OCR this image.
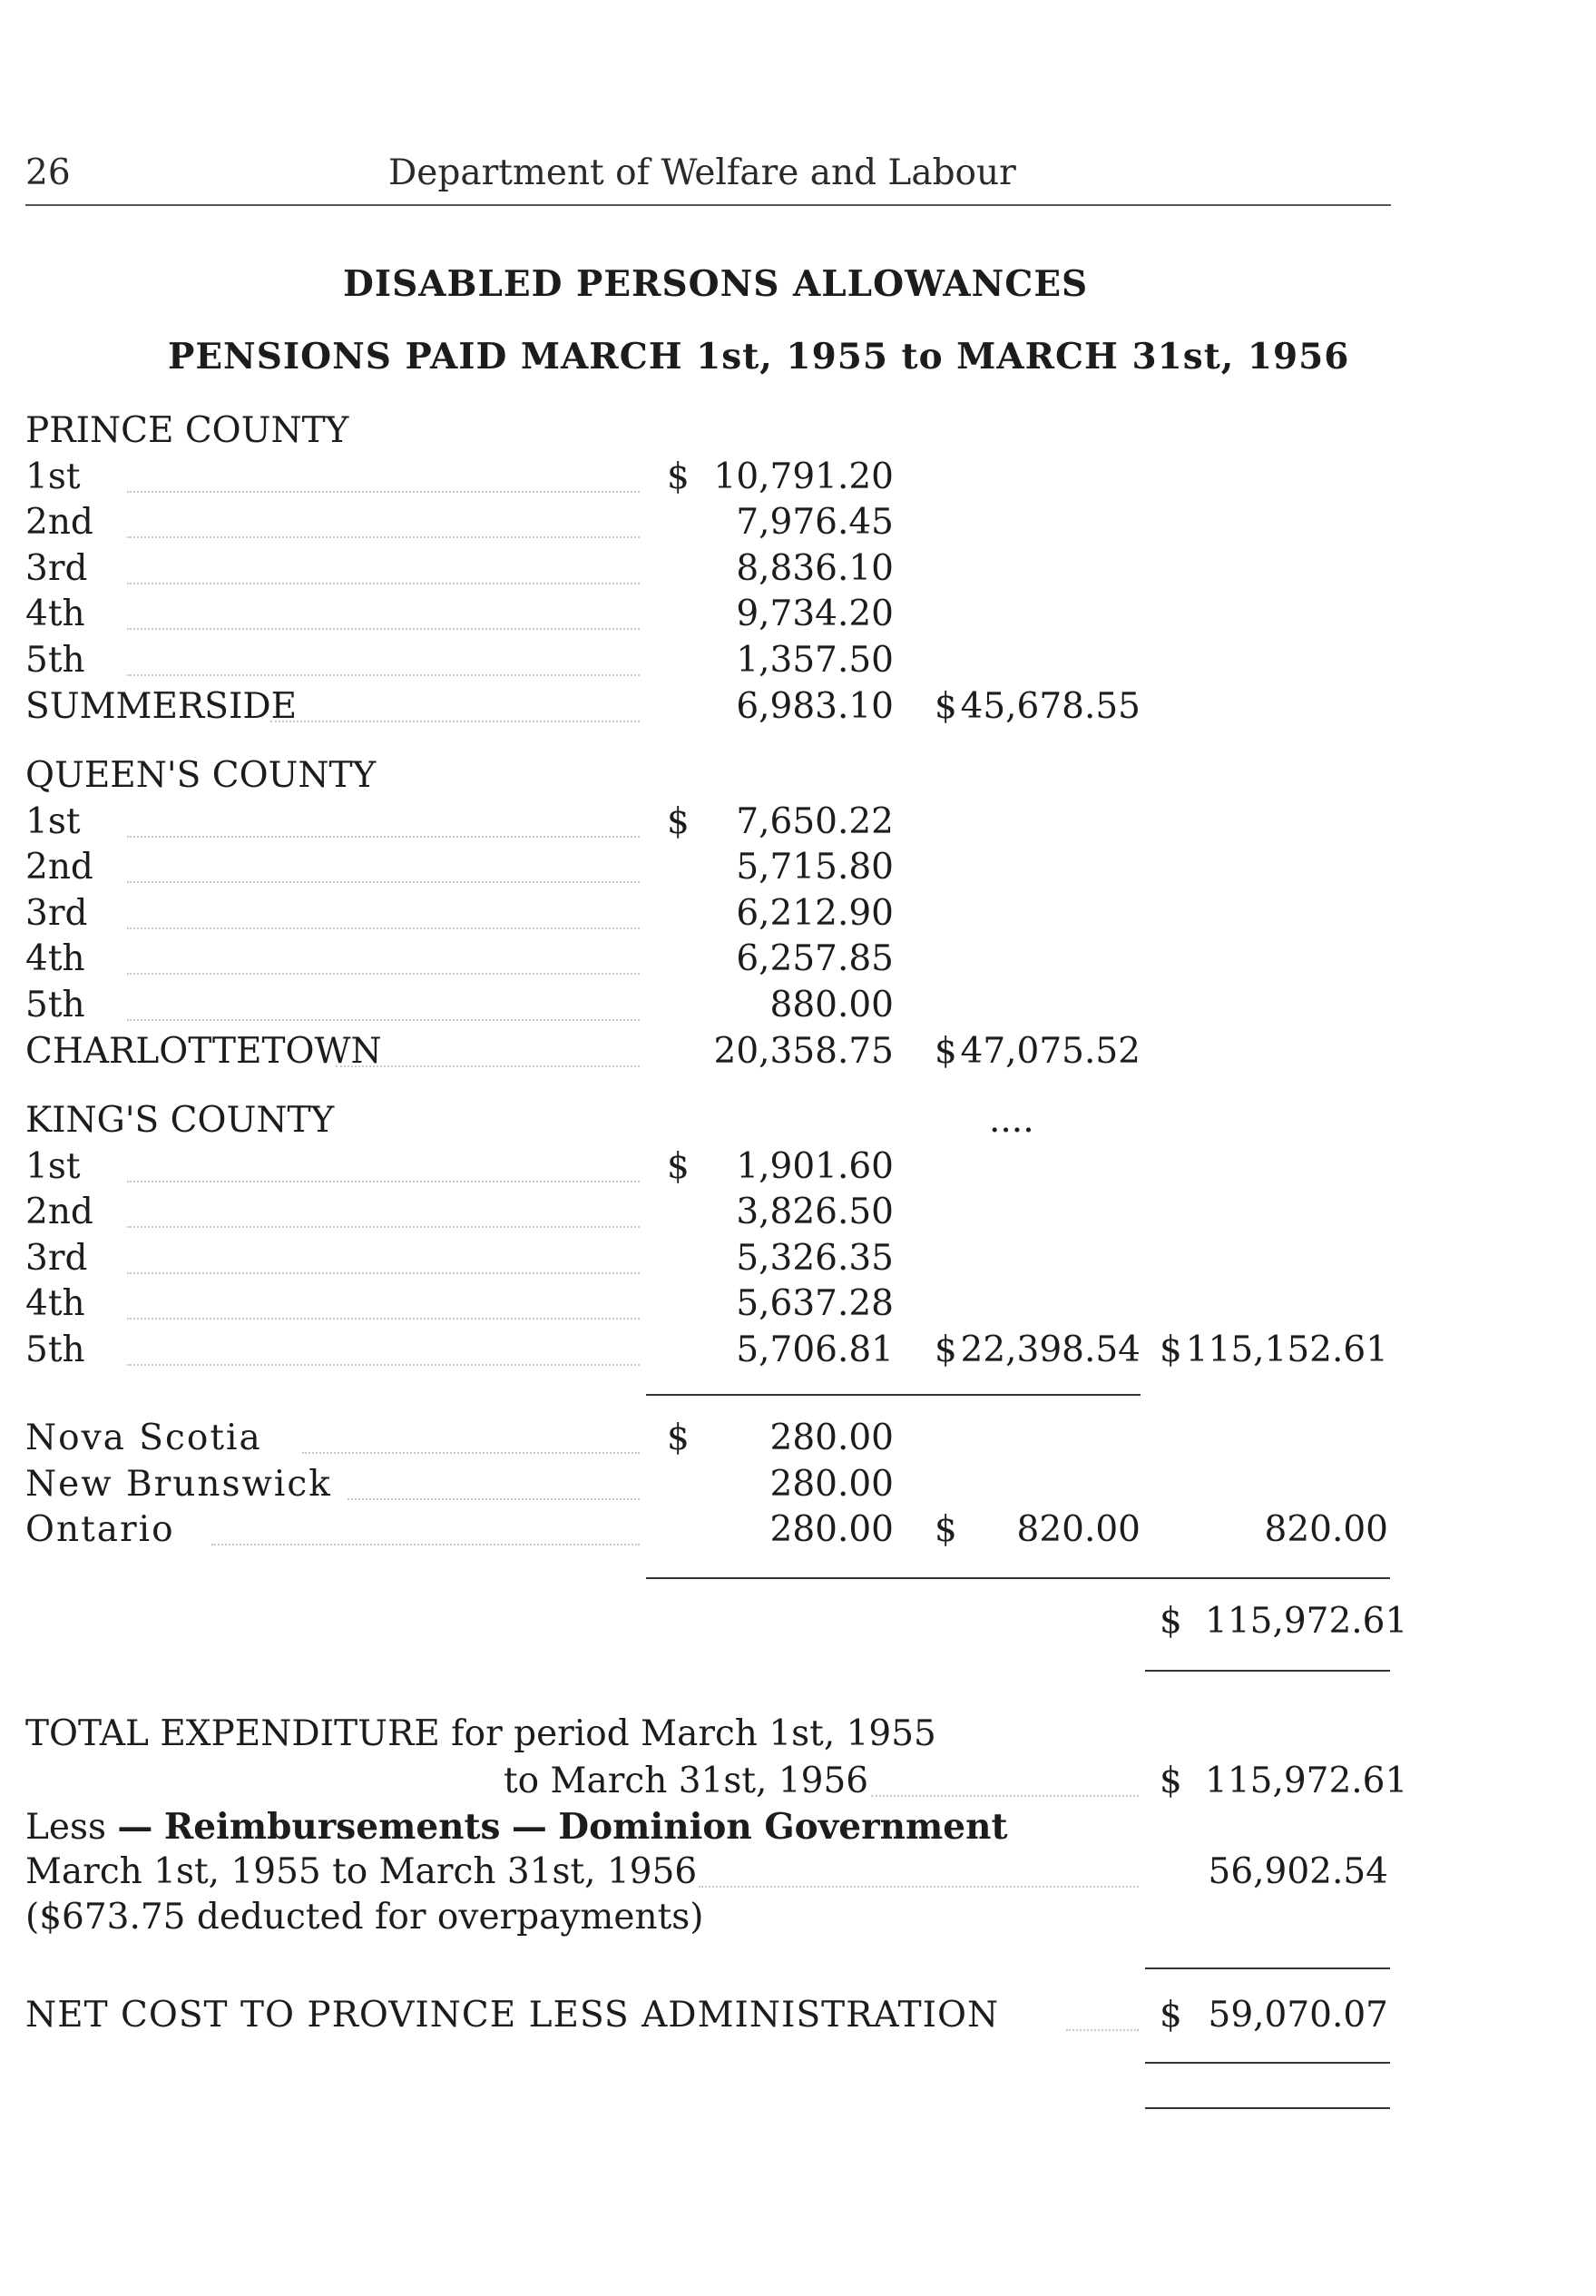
26	Department of Welfare and Labour
DISABLED PERSONS ALLOWANCES
PENSIONS PAID MARCH 1st, 1955 to MARCH 31st, 1956
PRINCE COUNTY
1st	$ 10,791.20
2nd	7,976.45
3rd	8,836.10
4th	9,734.20
5th	1,357.50
SUMMERSIDE	6,983.10 $ 45,678.55
QUEEN'S COUNTY
1st	$ 7,650.22
2nd	5,715.80
3rd	6,212.90
4th	6,257.85
5th	880.00
CHARLOTTETOWN	20,358.75 $ 47,075.52
KING'S COUNTY	....
1st	$ 1,901.60
2nd	3,826.50
3rd	5,326.35
4th	5,637.28
5th	5,706.81 $ 22,398.54 $ 115,152.61
Nova Scotia	$ 280.00
New Brunswick	280.00
Ontario	280.00 $ 820.00	820.00
$ 115,972.61
TOTAL EXPENDITURE for period March 1st, 1955
to March 31st, 1956	$ 115,972.61
Less — Reimbursements — Dominion Government
March 1st, 1955 to March 31st, 1956	56,902.54
($673.75 deducted for overpayments)
NET COST TO PROVINCE LESS ADMINISTRATION	$ 59,070.07
